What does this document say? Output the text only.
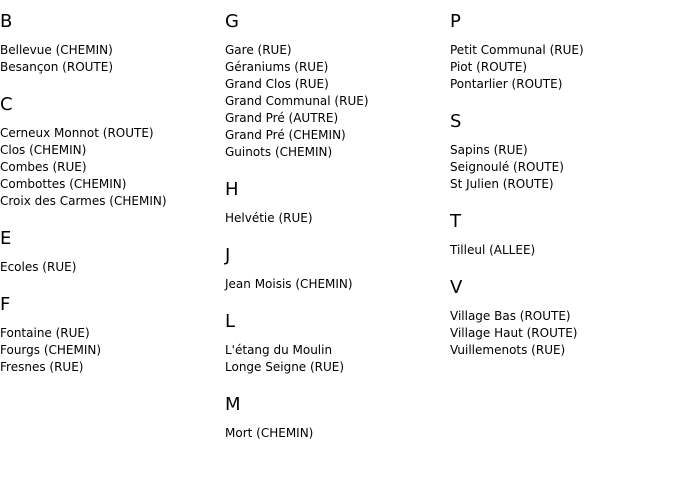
B
Bellevue (CHEMIN)
Besançon (ROUTE)
C
Cerneux Monnot (ROUTE)
Clos (CHEMIN)
Combes (RUE)
Combottes (CHEMIN)
Croix des Carmes (CHEMIN)
E
Ecoles (RUE)
F
Fontaine (RUE)
Fourgs (CHEMIN)
Fresnes (RUE)
G
Gare (RUE)
Géraniums (RUE)
Grand Clos (RUE)
Grand Communal (RUE)
Grand Pré (AUTRE)
Grand Pré (CHEMIN)
Guinots (CHEMIN)
H
Helvétie (RUE)
J
Jean Moisis (CHEMIN)
L
L'étang du Moulin
Longe Seigne (RUE)
M
Mort (CHEMIN)
P
Petit Communal (RUE)
Piot (ROUTE)
Pontarlier (ROUTE)
S
Sapins (RUE)
Seignoulé (ROUTE)
St Julien (ROUTE)
T
Tilleul (ALLEE)
V
Village Bas (ROUTE)
Village Haut (ROUTE)
Vuillemenots (RUE)
